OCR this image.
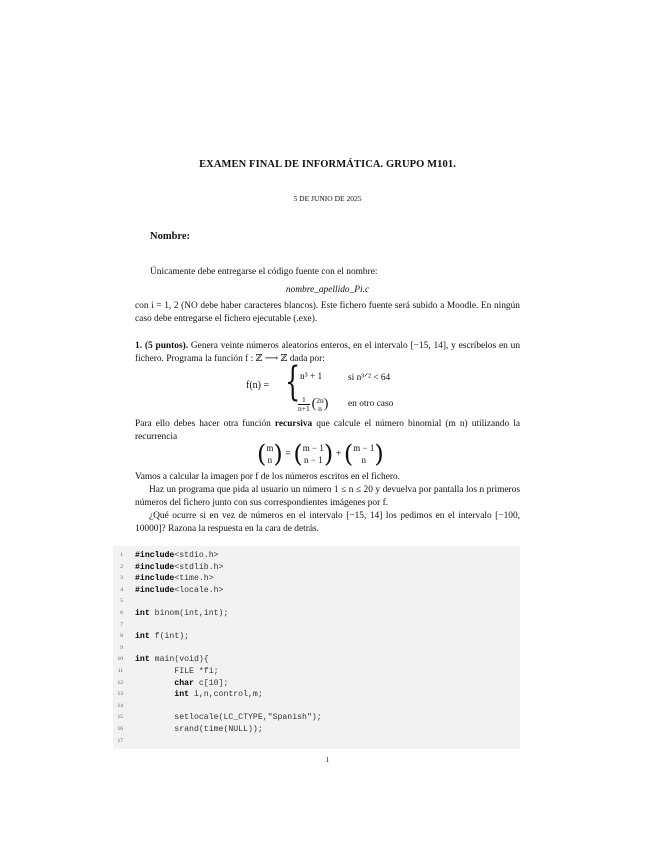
EXAMEN FINAL DE INFORMÁTICA. GRUPO M101.
5 DE JUNIO DE 2025
Nombre:
Únicamente debe entregarse el código fuente con el nombre:
nombre_apellido_Pi.c
con i = 1, 2 (NO debe haber caracteres blancos). Este fichero fuente será subido a Moodle. En ningún caso debe entregarse el fichero ejecutable (.exe).
1. (5 puntos). Genera veinte números aleatorios enteros, en el intervalo [−15, 14], y escríbelos en un fichero. Programa la función f : ℤ ⟶ ℤ dada por:
f(n) = { n³ + 1	si n³ᐟ² < 64
$\frac{1}{n+1}$ ( 2n
n ) en otro caso
Para ello debes hacer otra función recursiva que calcule el número binomial (m n) utilizando la recurrencia
( m
n ) = ( m − 1
n − 1 ) + ( m − 1
n )
Vamos a calcular la imagen por f de los números escritos en el fichero.
Haz un programa que pida al usuario un número 1 ≤ n ≤ 20 y devuelva por pantalla los n primeros números del fichero junto con sus correspondientes imágenes por f.
¿Qué ocurre si en vez de números en el intervalo [−15, 14] los pedimos en el intervalo [−100, 10000]? Razona la respuesta en la cara de detrás.
1 #include<stdio.h>
2 #include<stdlib.h>
3 #include<time.h>
4 #include<locale.h>
5
6 int binom(int,int);
7
8 int f(int);
9
10 int main(void){
11 FILE *fi;
12 char c[10];
13 int i,n,control,m;
14
15 setlocale(LC_CTYPE,"Spanish");
16 srand(time(NULL));
17
1
